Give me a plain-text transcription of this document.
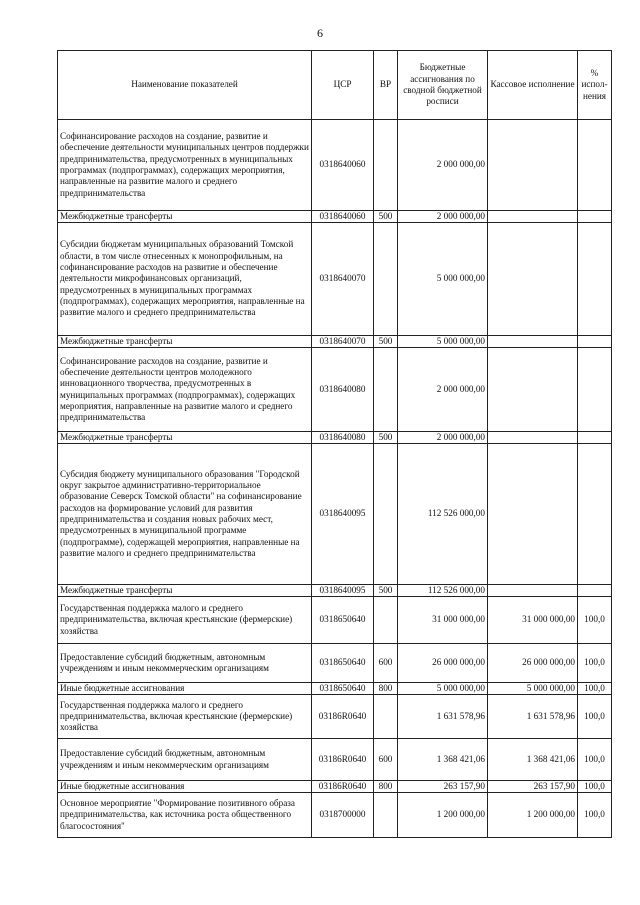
6
Наименование показателей	ЦСР	ВР	Бюджетные ассигнования по сводной бюджетной росписи	Кассовое исполнение	% испол-нения
Софинансирование расходов на создание, развитие и обеспечение деятельности муниципальных центров поддержки предпринимательства, предусмотренных в муниципальных программах (подпрограммах), содержащих мероприятия, направленные на развитие малого и среднего предпринимательства	0318640060		2 000 000,00		
Межбюджетные трансферты	0318640060	500	2 000 000,00		
Субсидии бюджетам муниципальных образований Томской области, в том числе отнесенных к монопрофильным, на софинансирование расходов на развитие и обеспечение деятельности микрофинансовых организаций, предусмотренных в муниципальных программах (подпрограммах), содержащих мероприятия, направленные на развитие малого и среднего предпринимательства	0318640070		5 000 000,00		
Межбюджетные трансферты	0318640070	500	5 000 000,00		
Софинансирование расходов на создание, развитие и обеспечение деятельности центров молодежного инновационного творчества, предусмотренных в муниципальных программах (подпрограммах), содержащих мероприятия, направленные на развитие малого и среднего предпринимательства	0318640080		2 000 000,00		
Межбюджетные трансферты	0318640080	500	2 000 000,00		
Субсидия бюджету муниципального образования "Городской округ закрытое административно-территориальное образование Северск Томской области" на софинансирование расходов на формирование условий для развития предпринимательства и создания новых рабочих мест, предусмотренных в муниципальной программе (подпрограмме), содержащей мероприятия, направленные на развитие малого и среднего предпринимательства	0318640095		112 526 000,00		
Межбюджетные трансферты	0318640095	500	112 526 000,00		
Государственная поддержка малого и среднего предпринимательства, включая крестьянские (фермерские) хозяйства	0318650640		31 000 000,00	31 000 000,00	100,0
Предоставление субсидий бюджетным, автономным учреждениям и иным некоммерческим организациям	0318650640	600	26 000 000,00	26 000 000,00	100,0
Иные бюджетные ассигнования	0318650640	800	5 000 000,00	5 000 000,00	100,0
Государственная поддержка малого и среднего предпринимательства, включая крестьянские (фермерские) хозяйства	03186R0640		1 631 578,96	1 631 578,96	100,0
Предоставление субсидий бюджетным, автономным учреждениям и иным некоммерческим организациям	03186R0640	600	1 368 421,06	1 368 421,06	100,0
Иные бюджетные ассигнования	03186R0640	800	263 157,90	263 157,90	100,0
Основное мероприятие "Формирование позитивного образа предпринимательства, как источника роста общественного благосостояния"	0318700000		1 200 000,00	1 200 000,00	100,0
